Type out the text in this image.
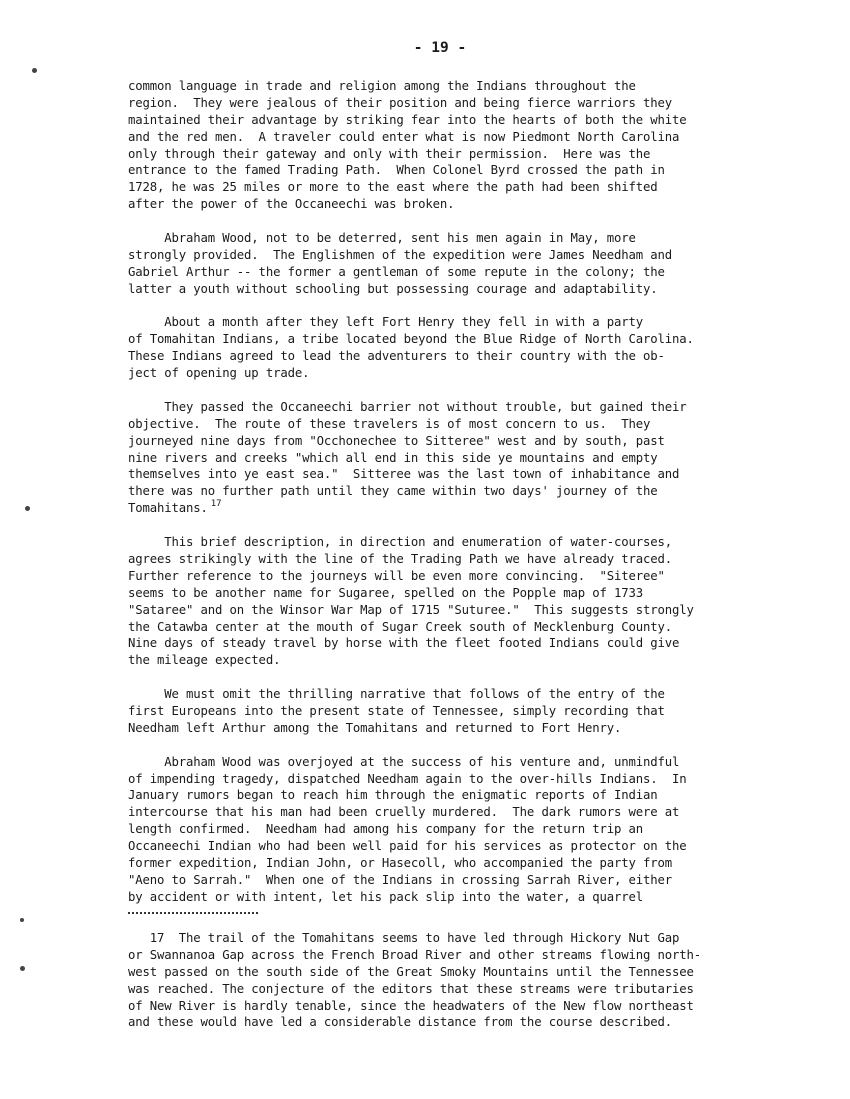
- 19 -
common language in trade and religion among the Indians throughout the
region.  They were jealous of their position and being fierce warriors they
maintained their advantage by striking fear into the hearts of both the white
and the red men.  A traveler could enter what is now Piedmont North Carolina
only through their gateway and only with their permission.  Here was the
entrance to the famed Trading Path.  When Colonel Byrd crossed the path in
1728, he was 25 miles or more to the east where the path had been shifted
after the power of the Occaneechi was broken.
Abraham Wood, not to be deterred, sent his men again in May, more
strongly provided.  The Englishmen of the expedition were James Needham and
Gabriel Arthur -- the former a gentleman of some repute in the colony; the
latter a youth without schooling but possessing courage and adaptability.
About a month after they left Fort Henry they fell in with a party
of Tomahitan Indians, a tribe located beyond the Blue Ridge of North Carolina.
These Indians agreed to lead the adventurers to their country with the ob-
ject of opening up trade.
They passed the Occaneechi barrier not without trouble, but gained their
objective.  The route of these travelers is of most concern to us.  They
journeyed nine days from "Occhonechee to Sitteree" west and by south, past
nine rivers and creeks "which all end in this side ye mountains and empty
themselves into ye east sea."  Sitteree was the last town of inhabitance and
there was no further path until they came within two days' journey of the
Tomahitans. $^{17}$
This brief description, in direction and enumeration of water-courses,
agrees strikingly with the line of the Trading Path we have already traced.
Further reference to the journeys will be even more convincing.  "Siteree"
seems to be another name for Sugaree, spelled on the Popple map of 1733
"Sataree" and on the Winsor War Map of 1715 "Suturee."  This suggests strongly
the Catawba center at the mouth of Sugar Creek south of Mecklenburg County.
Nine days of steady travel by horse with the fleet footed Indians could give
the mileage expected.
We must omit the thrilling narrative that follows of the entry of the
first Europeans into the present state of Tennessee, simply recording that
Needham left Arthur among the Tomahitans and returned to Fort Henry.
Abraham Wood was overjoyed at the success of his venture and, unmindful
of impending tragedy, dispatched Needham again to the over-hills Indians.  In
January rumors began to reach him through the enigmatic reports of Indian
intercourse that his man had been cruelly murdered.  The dark rumors were at
length confirmed.  Needham had among his company for the return trip an
Occaneechi Indian who had been well paid for his services as protector on the
former expedition, Indian John, or Hasecoll, who accompanied the party from
"Aeno to Sarrah."  When one of the Indians in crossing Sarrah River, either
by accident or with intent, let his pack slip into the water, a quarrel
17  The trail of the Tomahitans seems to have led through Hickory Nut Gap
or Swannanoa Gap across the French Broad River and other streams flowing north-
west passed on the south side of the Great Smoky Mountains until the Tennessee
was reached. The conjecture of the editors that these streams were tributaries
of New River is hardly tenable, since the headwaters of the New flow northeast
and these would have led a considerable distance from the course described.
